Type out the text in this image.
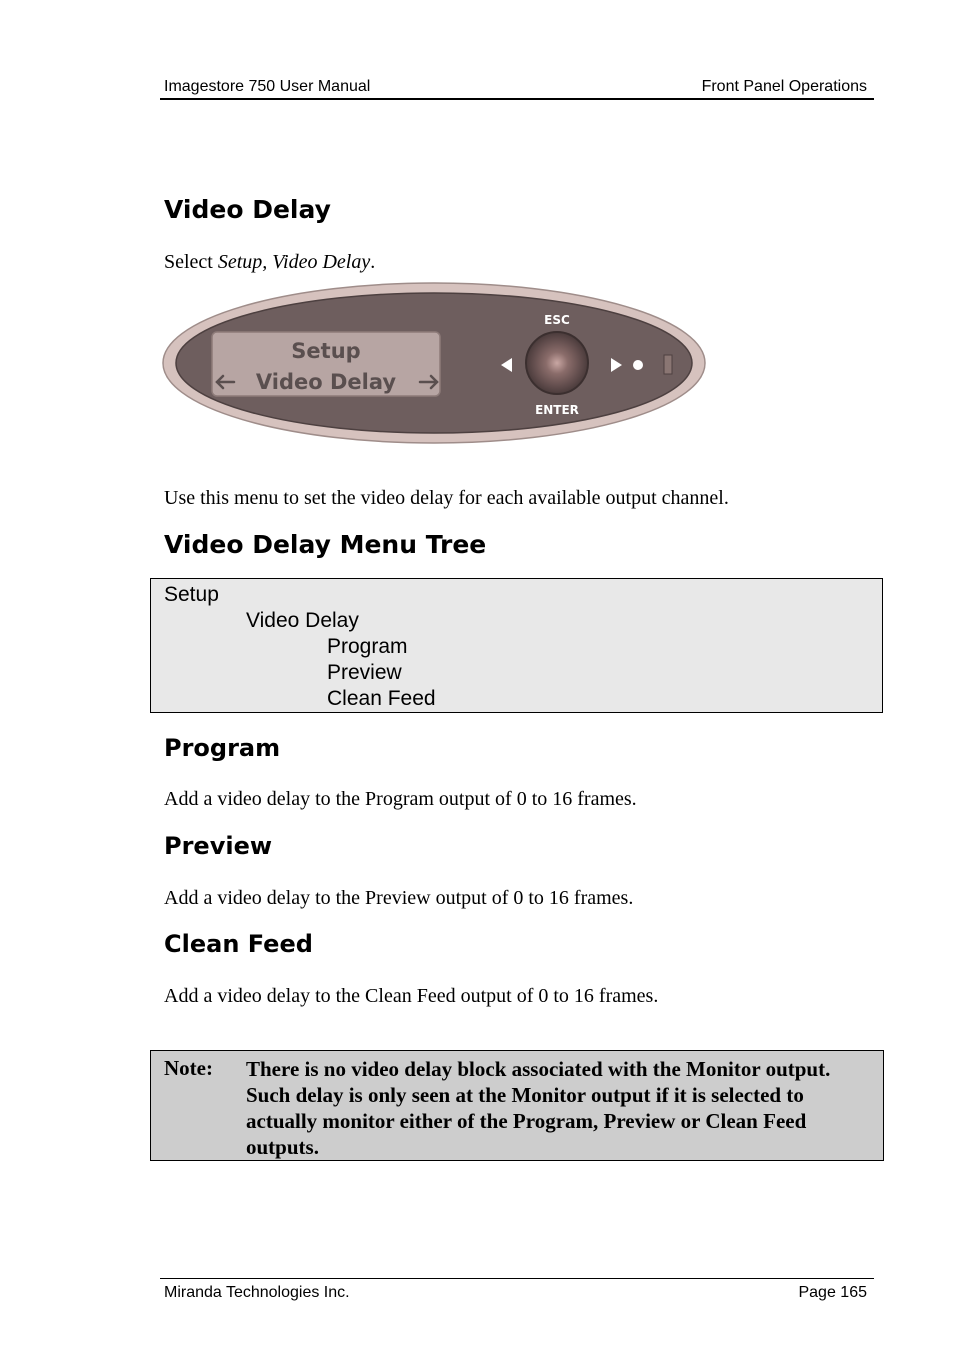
Imagestore 750 User Manual	Front Panel Operations
Video Delay

Select Setup, Video Delay.

Setup
Video Delay
ESC
ENTER

Use this menu to set the video delay for each available output channel.

Video Delay Menu Tree

Setup

Video Delay

Program

Preview

Clean Feed

Program

Add a video delay to the Program output of 0 to 16 frames.

Preview

Add a video delay to the Preview output of 0 to 16 frames.

Clean Feed

Add a video delay to the Clean Feed output of 0 to 16 frames.

Note: There is no video delay block associated with the Monitor output. Such delay is only seen at the Monitor output if it is selected to actually monitor either of the Program, Preview or Clean Feed outputs.
Miranda Technologies Inc.	Page 165
